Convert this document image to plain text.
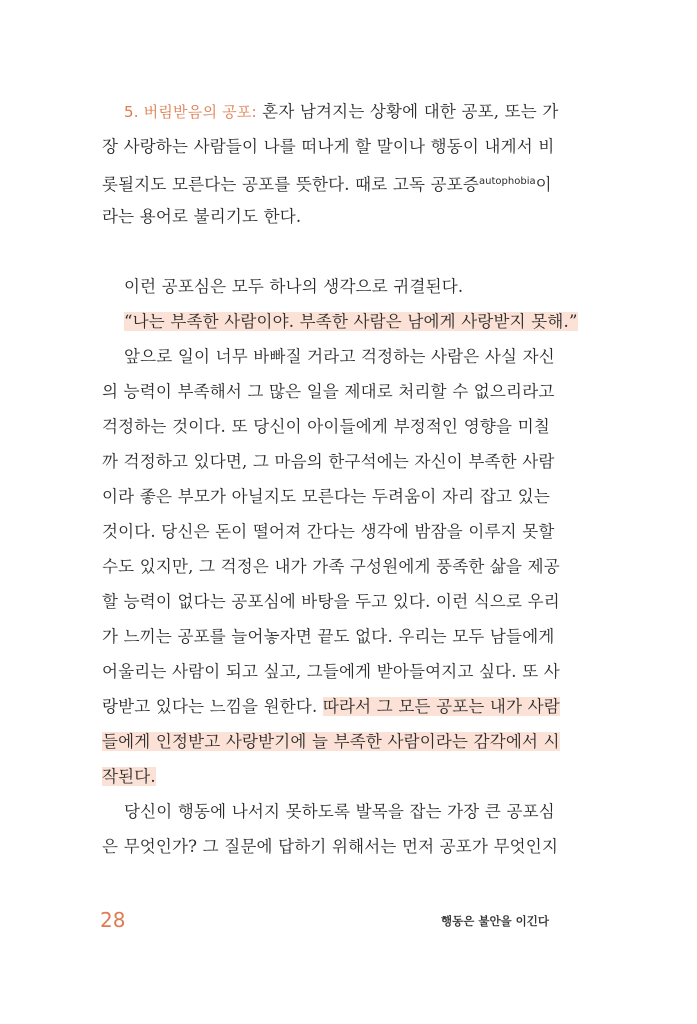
5. 버림받음의 공포: 혼자 남겨지는 상황에 대한 공포, 또는 가
장 사랑하는 사람들이 나를 떠나게 할 말이나 행동이 내게서 비
롯될지도 모른다는 공포를 뜻한다. 때로 고독 공포증$^{autophobia}$이
라는 용어로 불리기도 한다.
이런 공포심은 모두 하나의 생각으로 귀결된다.
“나는 부족한 사람이야. 부족한 사람은 남에게 사랑받지 못해.”
앞으로 일이 너무 바빠질 거라고 걱정하는 사람은 사실 자신
의 능력이 부족해서 그 많은 일을 제대로 처리할 수 없으리라고
걱정하는 것이다. 또 당신이 아이들에게 부정적인 영향을 미칠
까 걱정하고 있다면, 그 마음의 한구석에는 자신이 부족한 사람
이라 좋은 부모가 아닐지도 모른다는 두려움이 자리 잡고 있는
것이다. 당신은 돈이 떨어져 간다는 생각에 밤잠을 이루지 못할
수도 있지만, 그 걱정은 내가 가족 구성원에게 풍족한 삶을 제공
할 능력이 없다는 공포심에 바탕을 두고 있다. 이런 식으로 우리
가 느끼는 공포를 늘어놓자면 끝도 없다. 우리는 모두 남들에게
어울리는 사람이 되고 싶고, 그들에게 받아들여지고 싶다. 또 사
랑받고 있다는 느낌을 원한다. 따라서 그 모든 공포는 내가 사람
들에게 인정받고 사랑받기에 늘 부족한 사람이라는 감각에서 시
작된다.
당신이 행동에 나서지 못하도록 발목을 잡는 가장 큰 공포심
은 무엇인가? 그 질문에 답하기 위해서는 먼저 공포가 무엇인지
28	행동은 불안을 이긴다
